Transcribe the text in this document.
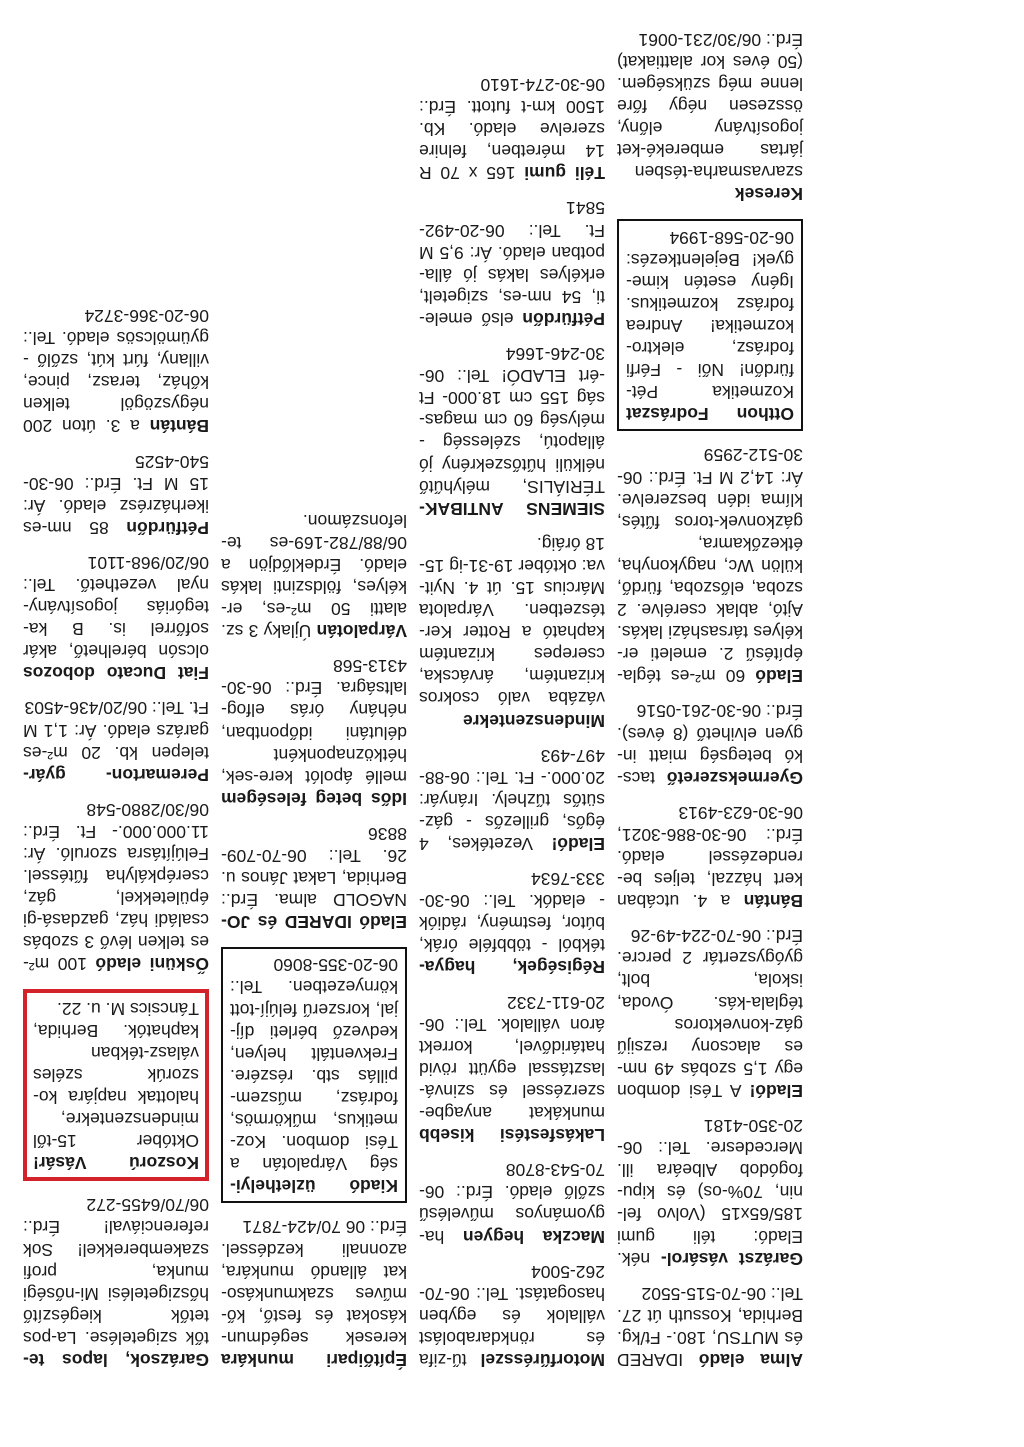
Garázsok, lapos te- tők szigetelése. La-pos tetők kiegészítő hőszigetelési Mi-nőségi munka, profi szakemberekkel! Sok referenciával! Érd.: 06/70/6455-272

Koszorú Vásár! Október 15-től mindenszentekre, halottak napjára ko-szorúk széles válasz-tékban kaphatók. Berhida, Táncsics M. u. 22.

Ősküni eladó 100 m²-es telken lévő 3 szobás családi ház, gazdasá-gi épületekkel, gáz, cserépkályha fűtéssel. Felújításra szoruló. Ár: 11.000.000.- Ft. Érd.: 06/30/2880-548

Peremarton- gyár- telepen kb. 20 m²-es garázs eladó. Ár: 1,1 M Ft. Tel.: 06/20/436-4503

Fiat Ducato dobozos olcsón bérelhető, akár sofőrrel is. B ka-tegóriás jogosítvány-nyal vezethető. Tel.: 06/20/968-1101

Pétfürdőn 85 nm-es ikerházrész eladó. Ár: 15 M Ft. Érd.: 06-30-540-4525

Bántán a 3. úton 200 négyszögöl telken kőház, terasz, pince, villany, fúrt kút, szőlő - gyümölcsös eladó. Tel.: 06-20-366-3724

Építőipari munkára keresek segédmun-kásokat és festő, kő-műves szakmunkáso-kat állandó munkára, azonnali kezdéssel. Érd.: 06 70/424-7871

Kiadó üzlethelyi- ség Várpalotán a Tési dombon. Koz-metikus, műkörmös, fodrász, műszem-pillás stb. részére. Frekventált helyen, kedvező bérleti díj-jal, korszerű felújí-tott környezetben. Tel.: 06-20-355-8060

Eladó IDARED és JO- NAGOLD alma. Érd.: Berhida, Lakat János u. 26. Tel.: 06-70-709-8836

Idős beteg feleségem mellé ápolót kere-sek, hétköznaponként délutáni időpontban, néhány órás elfog-laltságra. Érd.: 06-30-4313-568

Várpalotán Újlaky 3 sz. alatti 50 m²-es, er-kélyes, földszinti lakás eladó. Érdeklődjön a 06/88/782-169-es te-lefonszámon.

Motorfűrésszel tű-zifa és rönkdarabolást vállalok és egyben hasogatást. Tel.: 06-70-262-5004

Maczka hegyen ha-gyományos művelésű szőlő eladó. Érd.: 06-70-543-8708

Lakásfestési kisebb munkákat anyagbe-szerzéssel és szinvá-lasztással együtt rövid határidővel, korrekt áron vállalok. Tel.: 06-20-611-7332

Régiségek, hagya- tékból - többféle órák, bútor, festmény, rádiók - eladók. Tel.: 06-30-333-7634

Eladó! Vezetékes, 4 égős, grillezős - gáz-sütős tűzhely. Irányár: 20.000.- Ft. Tel.: 06-88-497-493

Mindenszentekre vázába való csokros krizantém, árvácska, cserepes krizantém kapható a Rotter Ker-tészetben. Várpalota Március 15. út 4. Nyit-va: október 19-31-ig 15-18 óráig.

SIEMENS ANTIBAK- TÉRIÁLIS, mélyhűtő nélküli hűtőszekrény jó állapotú, szélesség - mélység 60 cm magas-ság 155 cm 18.000- Ft -ért ELADÓ! Tel.: 06-30-246-1664

Pétfürdőn első emele-ti, 54 nm-es, szigetelt, erkélyes lakás jó álla-potban eladó. Ár: 9,5 M Ft. Tel.: 06-20-492-5841

Téli gumi 165 x 70 R 14 méretben, felnire szerelve eladó. Kb. 1500 km-t futott. Érd.: 06-30-274-1610

Alma eladó IDARED és MUTSU, 180.- Ft/kg. Berhida, Kossuth út 27. Tel.: 06-70-515-5502

Garázst vásárol- nék. Eladó: téli gumi 185/65x15 (Volvo fel-nin, 70%-os) és kipu-fogódob Albeára ill. Mercedesre. Tel.: 06-20-350-4181

Eladó! A Tési dombon egy 1,5 szobás 49 nm-es alacsony rezsijű gáz-konvektoros téglala-kás. Óvoda, iskola, bolt, gyógyszertár 2 percre. Érd.: 06-70-224-49-26

Bántán a 4. utcában kert házzal, teljes be-rendezéssel eladó. Érd.: 06-30-886-3021, 06-30-623-4913

Gyermekszerető tacs-kó betegség miatt in-gyen elvihető (8 éves). Érd.: 06-30-261-0516

Eladó 60 m²-es tégla-építésű 2. emeleti er-kélyes társasházi lakás. Ajtó, ablak cserélve. 2 szoba, előszoba, fürdő, külön Wc, nagykonyha, étkezőkamra, gázkonvek-toros fűtés, klíma idén beszerelve. Ár: 14,2 M Ft. Érd.: 06-30-512-2959

Otthon Fodrászat Kozmetika Pét-fürdőn! Női - Férfi fodrász, elektro-kozmetika! Andrea fodrász kozmetikus. Igény esetén kime-gyek! Bejelentkezés: 06-20-568-1994

Keresek szarvasmarha-tésben jártas embereké-ket jogosítvány előny, összesen négy főre lenne még szükségem. (50 éves kor alattiakat) Érd.: 06/30/231-0061
